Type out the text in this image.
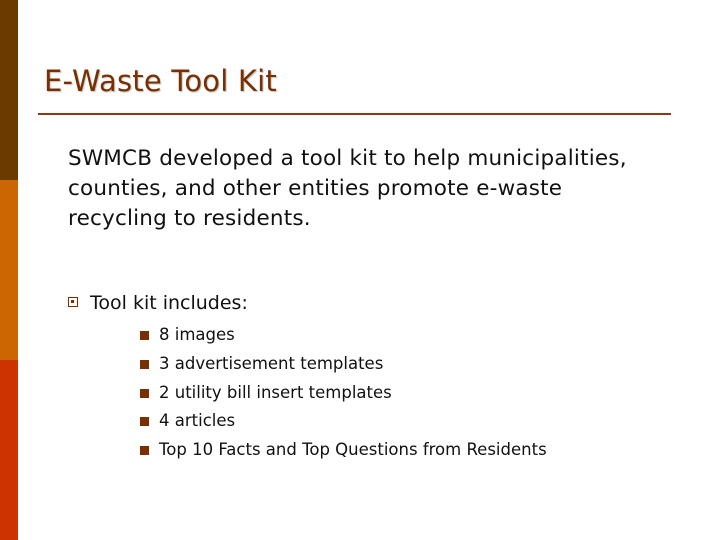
E-Waste Tool Kit

SWMCB developed a tool kit to help municipalities, counties, and other entities promote e-waste recycling to residents.

Tool kit includes:
8 images
3 advertisement templates
2 utility bill insert templates
4 articles
Top 10 Facts and Top Questions from Residents
